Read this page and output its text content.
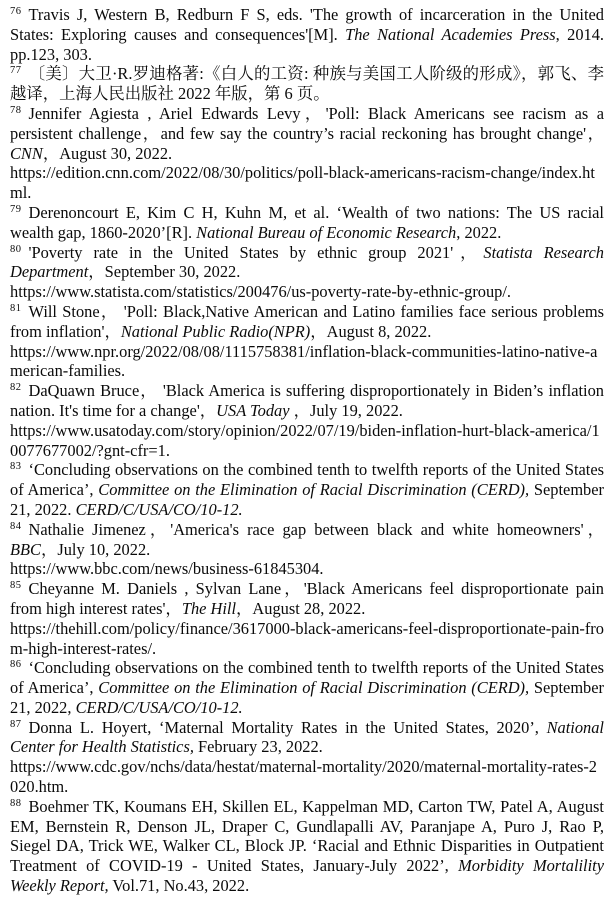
$^{76}$ Travis J, Western B, Redburn F S, eds. 'The growth of incarceration in the United States: Exploring causes and consequences'[M]. The National Academies Press, 2014. pp.123, 303.

$^{77}$ 〔美〕大卫·R.罗迪格著:《白人的工资: 种族与美国工人阶级的形成》，郭飞、李越译，上海人民出版社 2022 年版，第 6 页。

$^{78}$ Jennifer Agiesta , Ariel Edwards Levy，'Poll: Black Americans see racism as a persistent challenge，and few say the country’s racial reckoning has brought change'，CNN，August 30, 2022.
https://edition.cnn.com/2022/08/30/politics/poll-black-americans-racism-change/index.html.

$^{79}$ Derenoncourt E, Kim C H, Kuhn M, et al. ‘Wealth of two nations: The US racial wealth gap, 1860-2020’[R]. National Bureau of Economic Research, 2022.

$^{80}$ 'Poverty rate in the United States by ethnic group 2021'，Statista Research Department，September 30, 2022.
https://www.statista.com/statistics/200476/us-poverty-rate-by-ethnic-group/.

$^{81}$ Will Stone， 'Poll: Black,Native American and Latino families face serious problems from inflation'，National Public Radio(NPR)，August 8, 2022.
https://www.npr.org/2022/08/08/1115758381/inflation-black-communities-latino-native-american-families.

$^{82}$ DaQuawn Bruce， 'Black America is suffering disproportionately in Biden’s inflation nation. It's time for a change'，USA Today ，July 19, 2022.
https://www.usatoday.com/story/opinion/2022/07/19/biden-inflation-hurt-black-america/10077677002/?gnt-cfr=1.

$^{83}$ ‘Concluding observations on the combined tenth to twelfth reports of the United States of America’, Committee on the Elimination of Racial Discrimination (CERD), September 21, 2022. CERD/C/USA/CO/10-12.

$^{84}$ Nathalie Jimenez，'America's race gap between black and white homeowners'，BBC，July 10, 2022.
https://www.bbc.com/news/business-61845304.

$^{85}$ Cheyanne M. Daniels , Sylvan Lane，'Black Americans feel disproportionate pain from high interest rates'，The Hill，August 28, 2022.
https://thehill.com/policy/finance/3617000-black-americans-feel-disproportionate-pain-from-high-interest-rates/.

$^{86}$ ‘Concluding observations on the combined tenth to twelfth reports of the United States of America’, Committee on the Elimination of Racial Discrimination (CERD), September 21, 2022, CERD/C/USA/CO/10-12.

$^{87}$ Donna L. Hoyert, ‘Maternal Mortality Rates in the United States, 2020’, National Center for Health Statistics, February 23, 2022.
https://www.cdc.gov/nchs/data/hestat/maternal-mortality/2020/maternal-mortality-rates-2020.htm.

$^{88}$ Boehmer TK, Koumans EH, Skillen EL, Kappelman MD, Carton TW, Patel A, August EM, Bernstein R, Denson JL, Draper C, Gundlapalli AV, Paranjape A, Puro J, Rao P, Siegel DA, Trick WE, Walker CL, Block JP. ‘Racial and Ethnic Disparities in Outpatient Treatment of COVID-19 - United States, January-July 2022’, Morbidity Mortalility Weekly Report, Vol.71, No.43, 2022.
